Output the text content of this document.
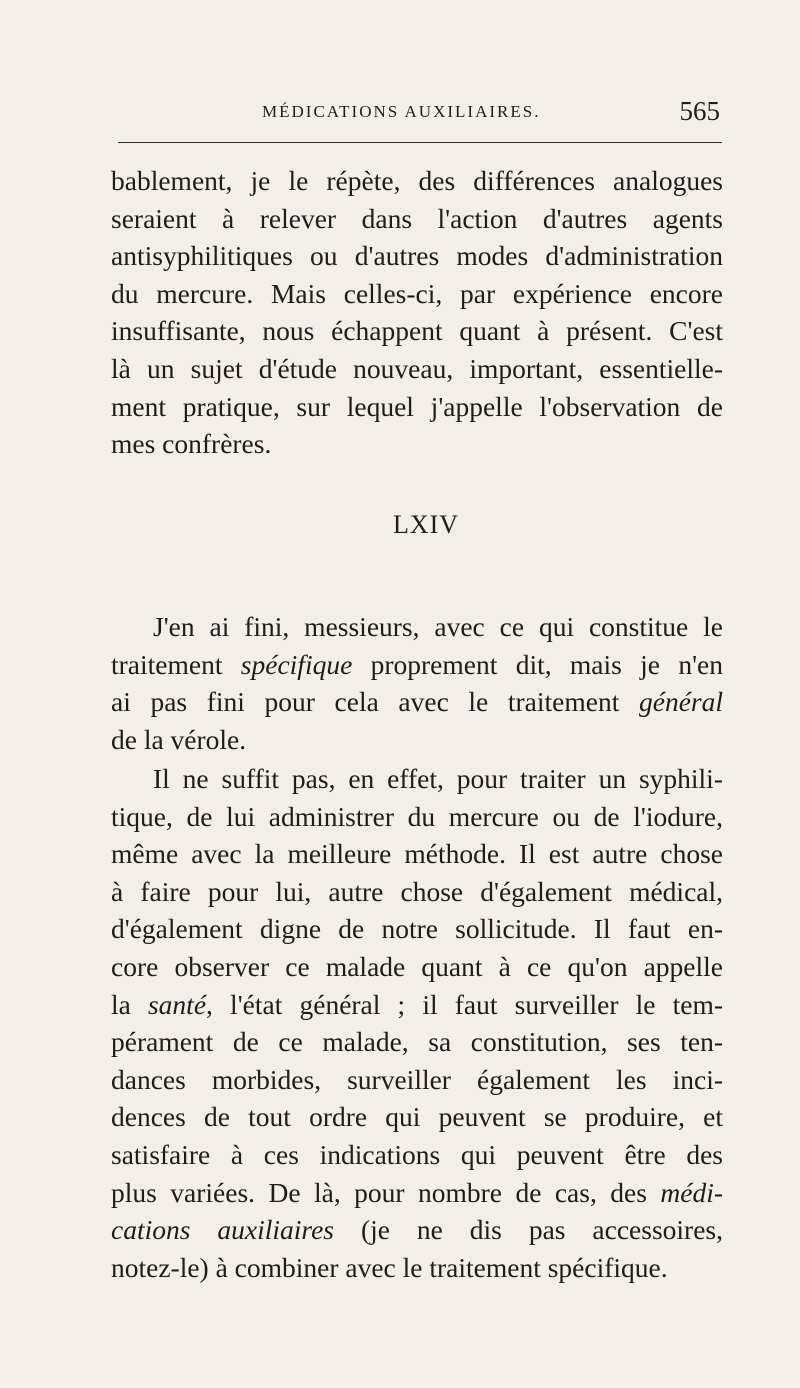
MÉDICATIONS AUXILIAIRES.	565

bablement, je le répète, des différences analogues
seraient à relever dans l'action d'autres agents
antisyphilitiques ou d'autres modes d'administration
du mercure. Mais celles-ci, par expérience encore
insuffisante, nous échappent quant à présent. C'est
là un sujet d'étude nouveau, important, essentielle-
ment pratique, sur lequel j'appelle l'observation de
mes confrères.

LXIV

J'en ai fini, messieurs, avec ce qui constitue le
traitement spécifique proprement dit, mais je n'en
ai pas fini pour cela avec le traitement général
de la vérole.

Il ne suffit pas, en effet, pour traiter un syphili-
tique, de lui administrer du mercure ou de l'iodure,
même avec la meilleure méthode. Il est autre chose
à faire pour lui, autre chose d'également médical,
d'également digne de notre sollicitude. Il faut en-
core observer ce malade quant à ce qu'on appelle
la santé, l'état général ; il faut surveiller le tem-
pérament de ce malade, sa constitution, ses ten-
dances morbides, surveiller également les inci-
dences de tout ordre qui peuvent se produire, et
satisfaire à ces indications qui peuvent être des
plus variées. De là, pour nombre de cas, des médi-
cations auxiliaires (je ne dis pas accessoires,
notez-le) à combiner avec le traitement spécifique.
